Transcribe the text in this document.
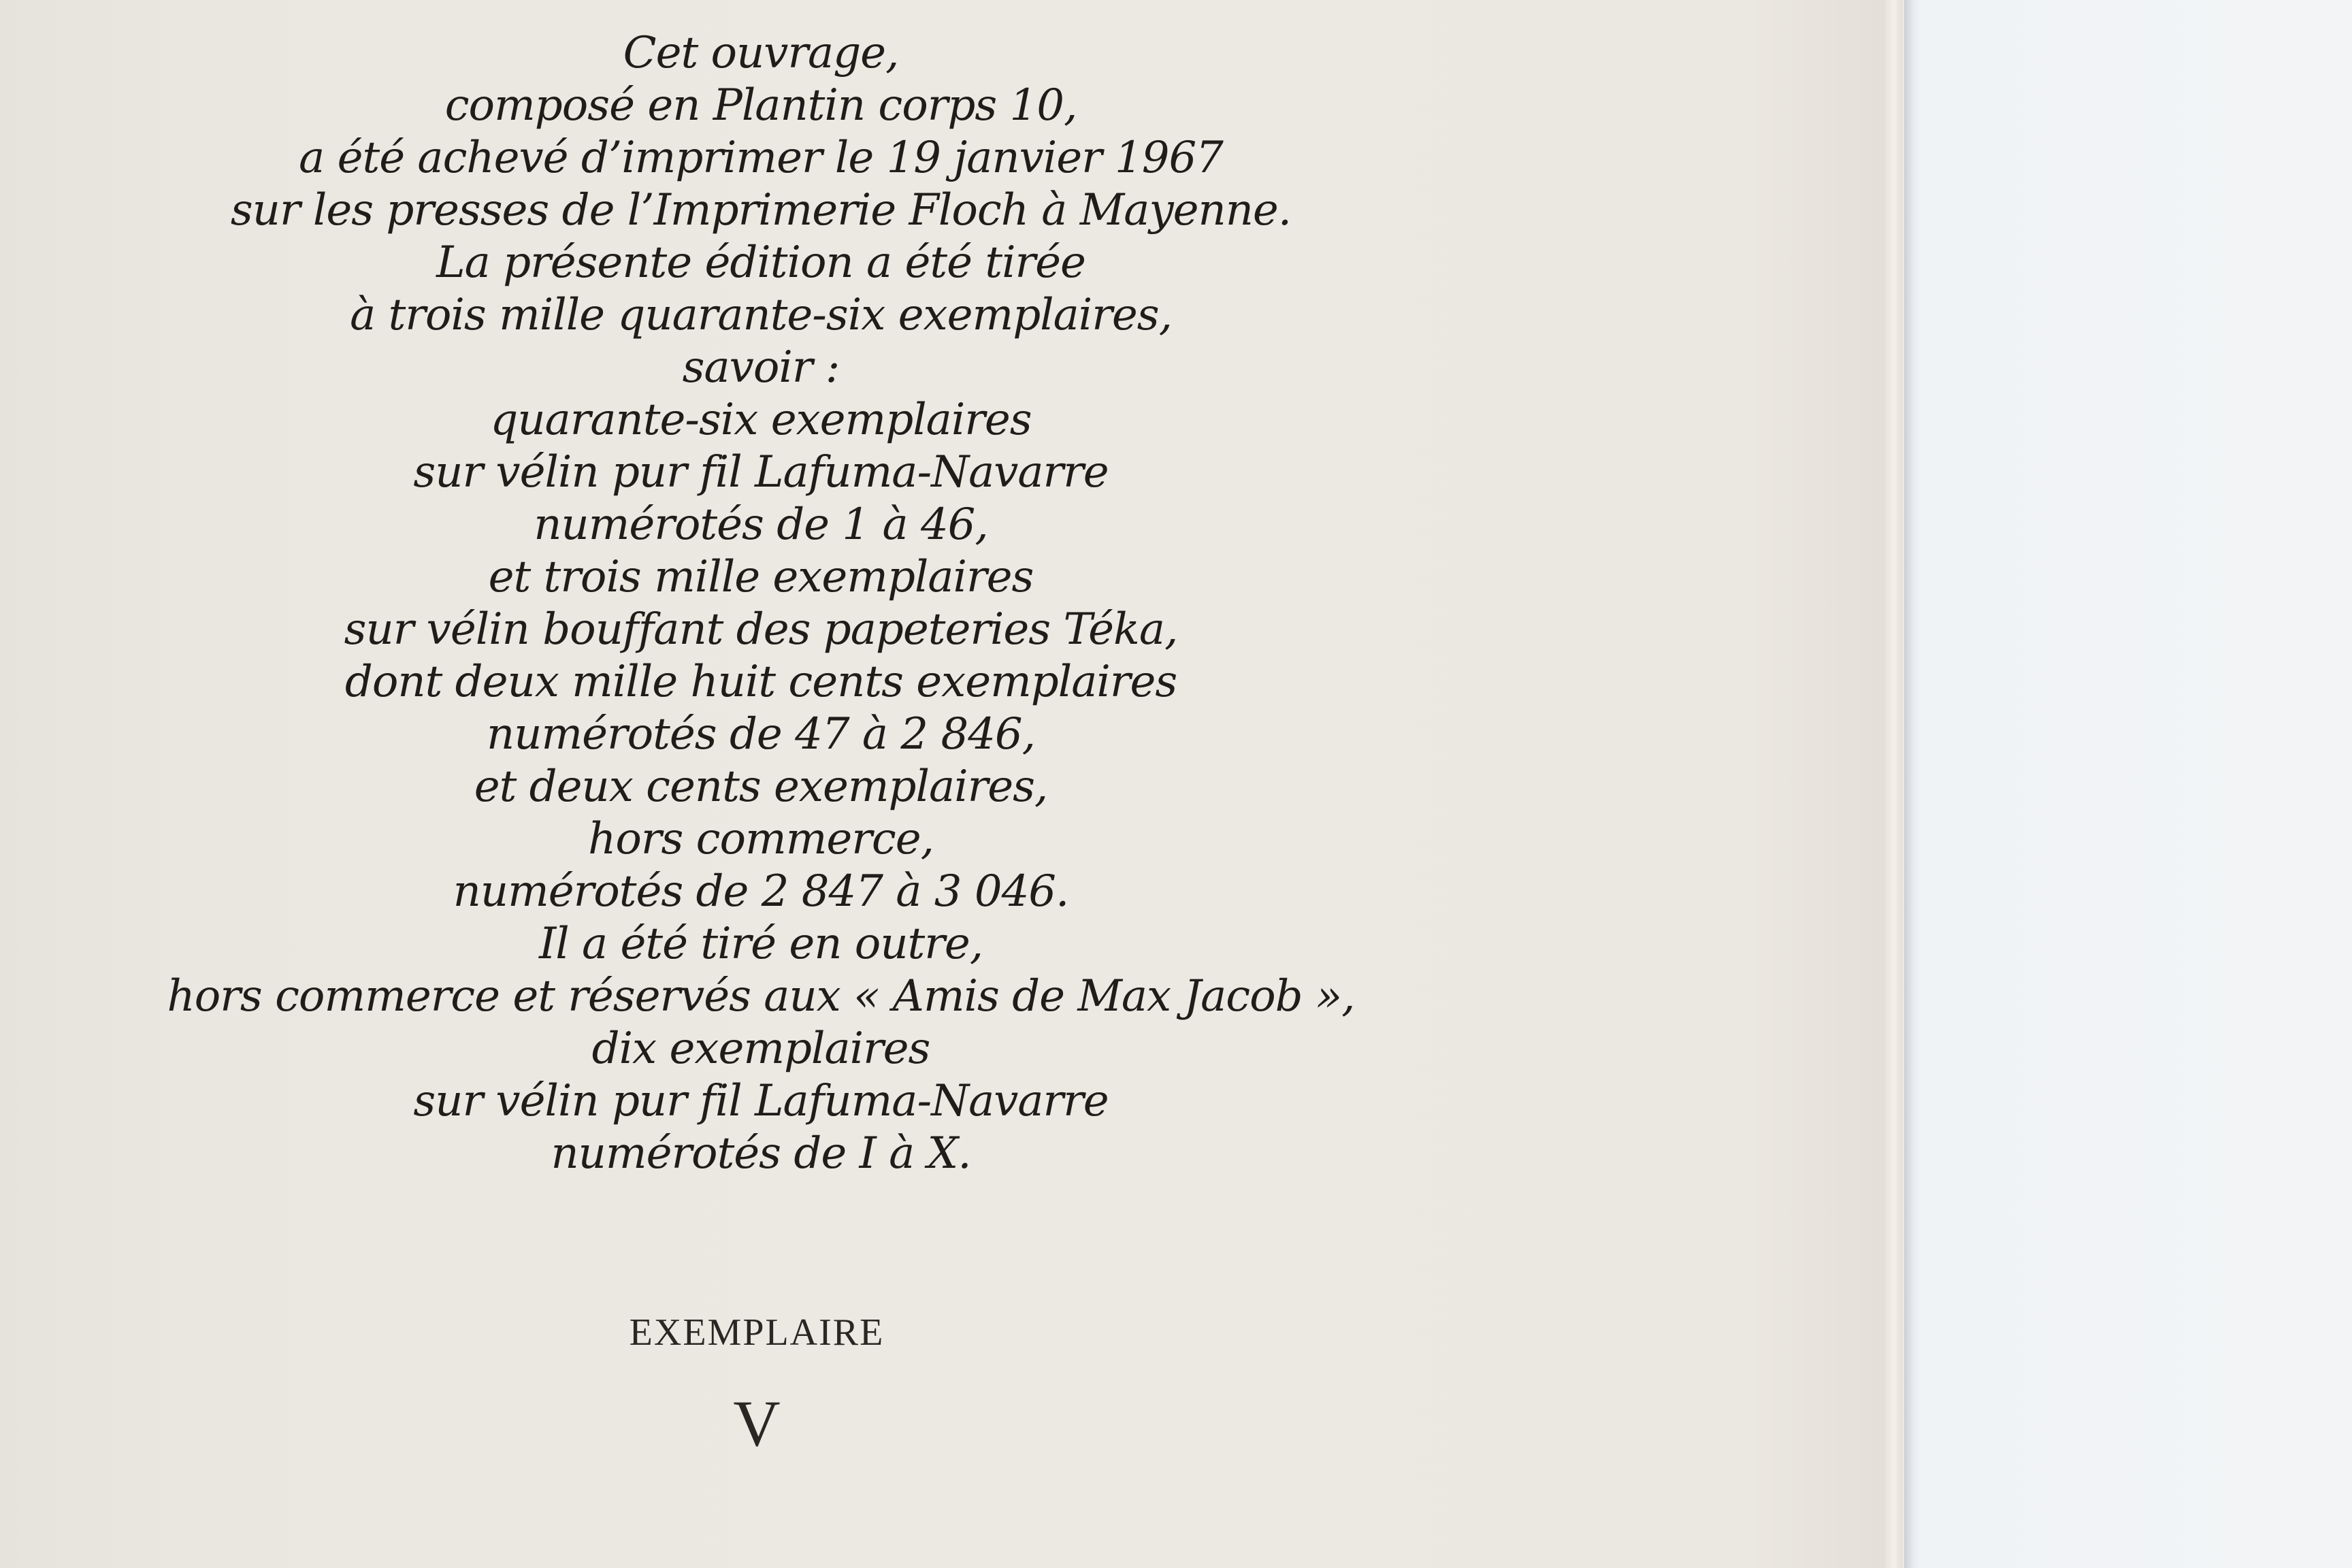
Cet ouvrage,
composé en Plantin corps 10,
a été achevé d’imprimer le 19 janvier 1967
sur les presses de l’Imprimerie Floch à Mayenne.
La présente édition a été tirée
à trois mille quarante-six exemplaires,
savoir :
quarante-six exemplaires
sur vélin pur fil Lafuma-Navarre
numérotés de 1 à 46,
et trois mille exemplaires
sur vélin bouffant des papeteries Téka,
dont deux mille huit cents exemplaires
numérotés de 47 à 2 846,
et deux cents exemplaires,
hors commerce,
numérotés de 2 847 à 3 046.
Il a été tiré en outre,
hors commerce et réservés aux « Amis de Max Jacob »,
dix exemplaires
sur vélin pur fil Lafuma-Navarre
numérotés de I à X.
EXEMPLAIRE
V
